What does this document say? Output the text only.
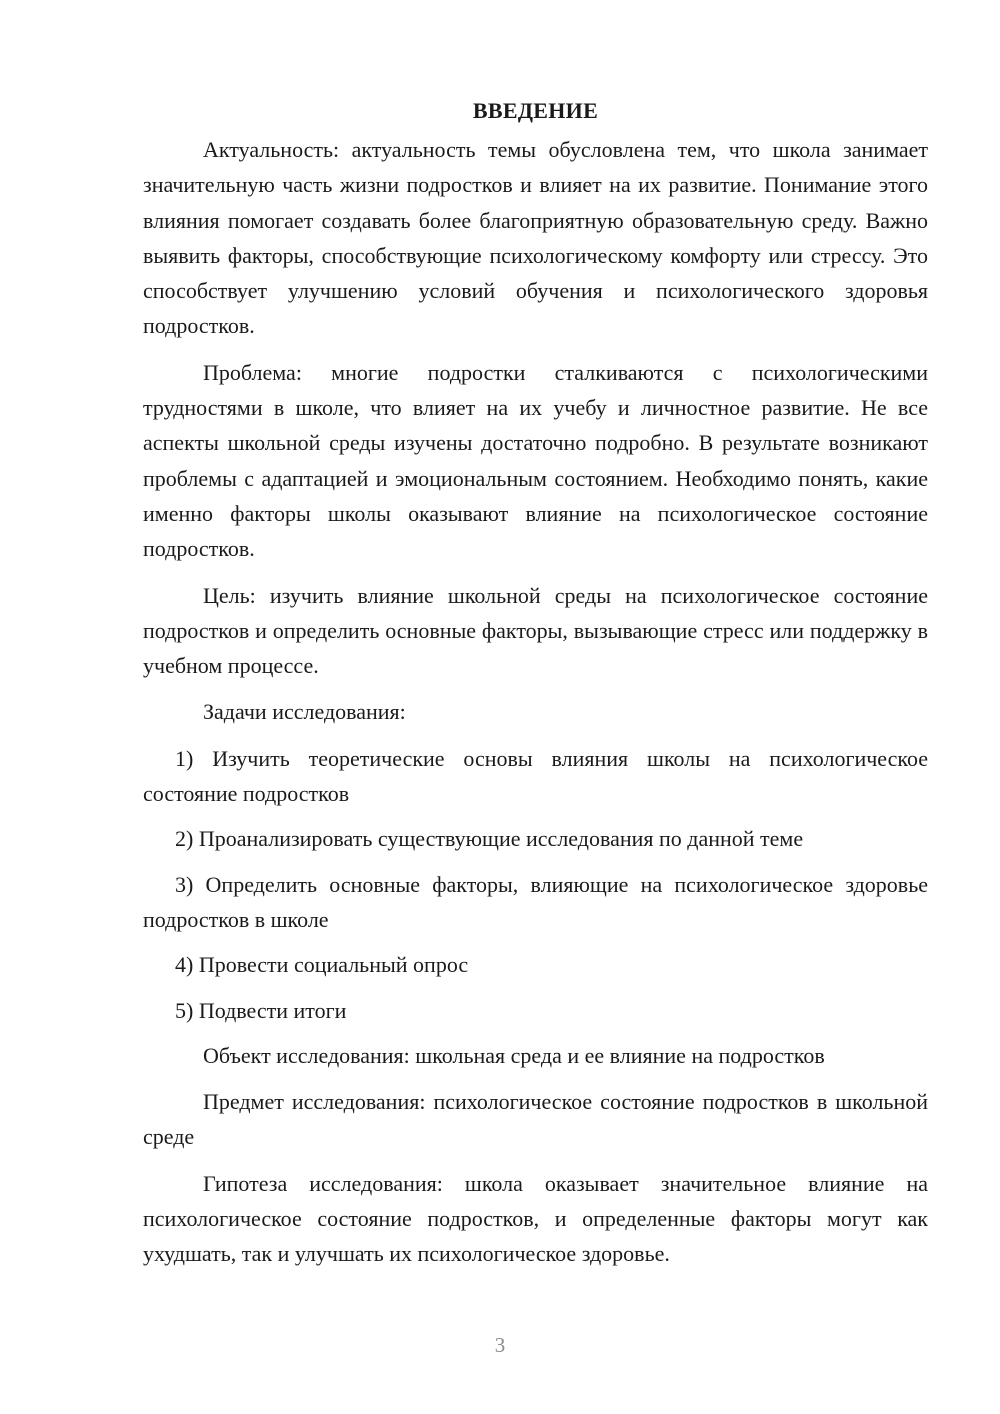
ВВЕДЕНИЕ

Актуальность: актуальность темы обусловлена тем, что школа занимает значительную часть жизни подростков и влияет на их развитие. Понимание этого влияния помогает создавать более благоприятную образовательную среду. Важно выявить факторы, способствующие психологическому комфорту или стрессу. Это способствует улучшению условий обучения и психологического здоровья подростков.

Проблема: многие подростки сталкиваются с психологическими трудностями в школе, что влияет на их учебу и личностное развитие. Не все аспекты школьной среды изучены достаточно подробно. В результате возникают проблемы с адаптацией и эмоциональным состоянием. Необходимо понять, какие именно факторы школы оказывают влияние на психологическое состояние подростков.

Цель: изучить влияние школьной среды на психологическое состояние подростков и определить основные факторы, вызывающие стресс или поддержку в учебном процессе.

Задачи исследования:

1) Изучить теоретические основы влияния школы на психологическое состояние подростков

2) Проанализировать существующие исследования по данной теме

3) Определить основные факторы, влияющие на психологическое здоровье подростков в школе

4) Провести социальный опрос

5) Подвести итоги

Объект исследования: школьная среда и ее влияние на подростков

Предмет исследования: психологическое состояние подростков в школьной среде

Гипотеза исследования: школа оказывает значительное влияние на психологическое состояние подростков, и определенные факторы могут как ухудшать, так и улучшать их психологическое здоровье.

3
